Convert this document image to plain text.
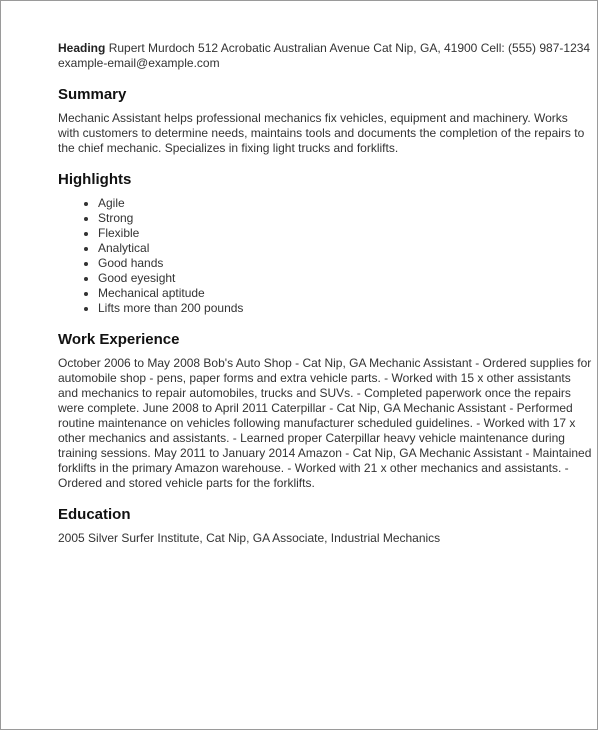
Heading Rupert Murdoch 512 Acrobatic Australian Avenue Cat Nip, GA, 41900 Cell: (555) 987-1234 example-email@example.com

Summary

Mechanic Assistant helps professional mechanics fix vehicles, equipment and machinery. Works with customers to determine needs, maintains tools and documents the completion of the repairs to the chief mechanic. Specializes in fixing light trucks and forklifts.

Highlights
• Agile
• Strong
• Flexible
• Analytical
• Good hands
• Good eyesight
• Mechanical aptitude
• Lifts more than 200 pounds
Work Experience

October 2006 to May 2008 Bob's Auto Shop - Cat Nip, GA Mechanic Assistant - Ordered supplies for automobile shop - pens, paper forms and extra vehicle parts. - Worked with 15 x other assistants and mechanics to repair automobiles, trucks and SUVs. - Completed paperwork once the repairs were complete. June 2008 to April 2011 Caterpillar - Cat Nip, GA Mechanic Assistant - Performed routine maintenance on vehicles following manufacturer scheduled guidelines. - Worked with 17 x other mechanics and assistants. - Learned proper Caterpillar heavy vehicle maintenance during training sessions. May 2011 to January 2014 Amazon - Cat Nip, GA Mechanic Assistant - Maintained forklifts in the primary Amazon warehouse. - Worked with 21 x other mechanics and assistants. - Ordered and stored vehicle parts for the forklifts.

Education

2005 Silver Surfer Institute, Cat Nip, GA Associate, Industrial Mechanics
